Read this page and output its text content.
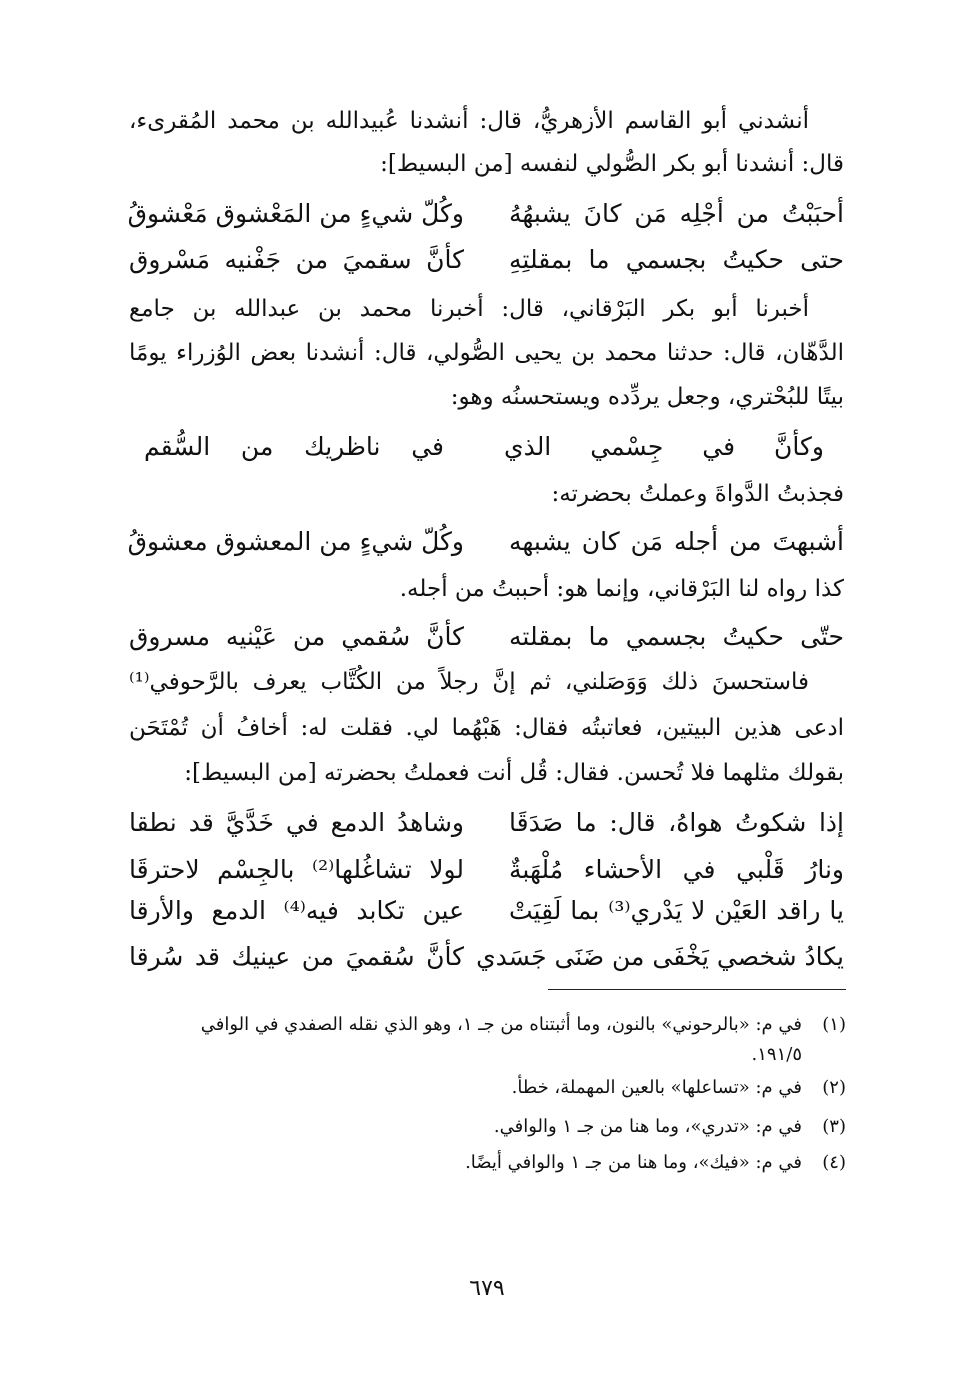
أنشدني أبو القاسم الأزهريُّ، قال: أنشدنا عُبيدالله بن محمد المُقرىء،
قال: أنشدنا أبو بكر الصُّولي لنفسه [من البسيط]:
أحبَبْتُ من أجْلِه مَن كانَ يشبهُهُ
وكُلّ شيءٍ من المَعْشوق مَعْشوقُ
حتى حكيتُ بجسمي ما بمقلتِهِ
كأنَّ سقميَ من جَفْنيه مَسْروق
أخبرنا أبو بكر البَرْقاني، قال: أخبرنا محمد بن عبدالله بن جامع
الدَّهّان، قال: حدثنا محمد بن يحيى الصُّولي، قال: أنشدنا بعض الوُزراء يومًا
بيتًا للبُحْتري، وجعل يردِّده ويستحسنُه وهو:
وكأنَّ في جِسْمي الذي
في ناظريك من السُّقم
فجذبتُ الدَّواةَ وعملتُ بحضرته:
أشبهتَ من أجله مَن كان يشبهه
وكُلّ شيءٍ من المعشوق معشوقُ
كذا رواه لنا البَرْقاني، وإنما هو: أحببتُ من أجله.
حتّى حكيتُ بجسمي ما بمقلته
كأنَّ سُقمي من عَيْنيه مسروق
فاستحسنَ ذلك وَوَصَلني، ثم إنَّ رجلاً من الكُتَّاب يعرف بالرَّحوفي⁽¹⁾
ادعى هذين البيتين، فعاتبتُه فقال: هَبْهُما لي. فقلت له: أخافُ أن تُمْتَحَن
بقولك مثلهما فلا تُحسن. فقال: قُل أنت فعملتُ بحضرته [من البسيط]:
إذا شكوتُ هواهُ، قال: ما صَدَقَا
وشاهدُ الدمع في خَدَّيَّ قد نطقا
ونارُ قَلْبي في الأحشاء مُلْهَبةٌ
لولا تشاغُلها⁽²⁾ بالجِسْم لاحترقَا
يا راقد العَيْن لا يَدْري⁽³⁾ بما لَقِيَتْ
عين تكابد فيه⁽⁴⁾ الدمع والأرقا
يكادُ شخصي يَخْفَى من ضَنَى جَسَدي
كأنَّ سُقميَ من عينيك قد سُرقا
(١)في م: «بالرحوني» بالنون، وما أثبتناه من جـ ١، وهو الذي نقله الصفدي في الوافي
١٩١/٥.
(٢)في م: «تساعلها» بالعين المهملة، خطأ.
(٣)في م: «تدري»، وما هنا من جـ ١ والوافي.
(٤)في م: «فيك»، وما هنا من جـ ١ والوافي أيضًا.
٦٧٩
